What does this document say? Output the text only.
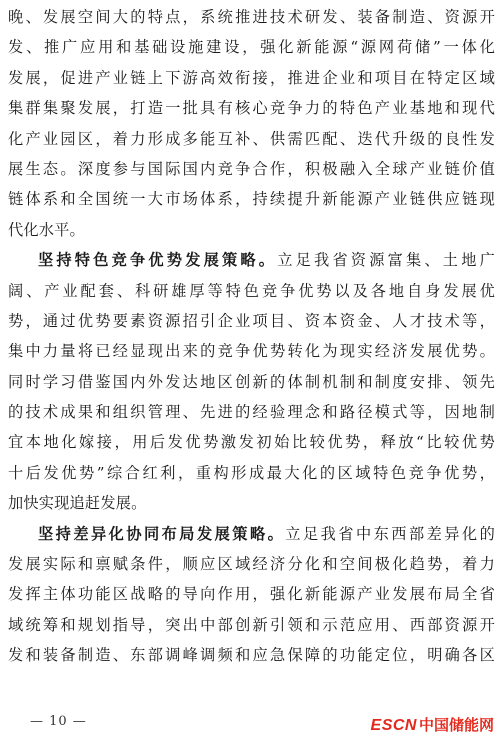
晚、发展空间大的特点，系统推进技术研发、装备制造、资源开
发、推广应用和基础设施建设，强化新能源“源网荷储”一体化
发展，促进产业链上下游高效衔接，推进企业和项目在特定区域
集群集聚发展，打造一批具有核心竞争力的特色产业基地和现代
化产业园区，着力形成多能互补、供需匹配、迭代升级的良性发
展生态。深度参与国际国内竞争合作，积极融入全球产业链价值
链体系和全国统一大市场体系，持续提升新能源产业链供应链现
代化水平。
坚持特色竞争优势发展策略。立足我省资源富集、土地广
阔、产业配套、科研雄厚等特色竞争优势以及各地自身发展优
势，通过优势要素资源招引企业项目、资本资金、人才技术等，
集中力量将已经显现出来的竞争优势转化为现实经济发展优势。
同时学习借鉴国内外发达地区创新的体制机制和制度安排、领先
的技术成果和组织管理、先进的经验理念和路径模式等，因地制
宜本地化嫁接，用后发优势激发初始比较优势，释放“比较优势
十后发优势”综合红利，重构形成最大化的区域特色竞争优势，
加快实现追赶发展。
坚持差异化协同布局发展策略。立足我省中东西部差异化的
发展实际和禀赋条件，顺应区域经济分化和空间极化趋势，着力
发挥主体功能区战略的导向作用，强化新能源产业发展布局全省
域统筹和规划指导，突出中部创新引领和示范应用、西部资源开
发和装备制造、东部调峰调频和应急保障的功能定位，明确各区
— 10 —	ESCN 中国储能网
